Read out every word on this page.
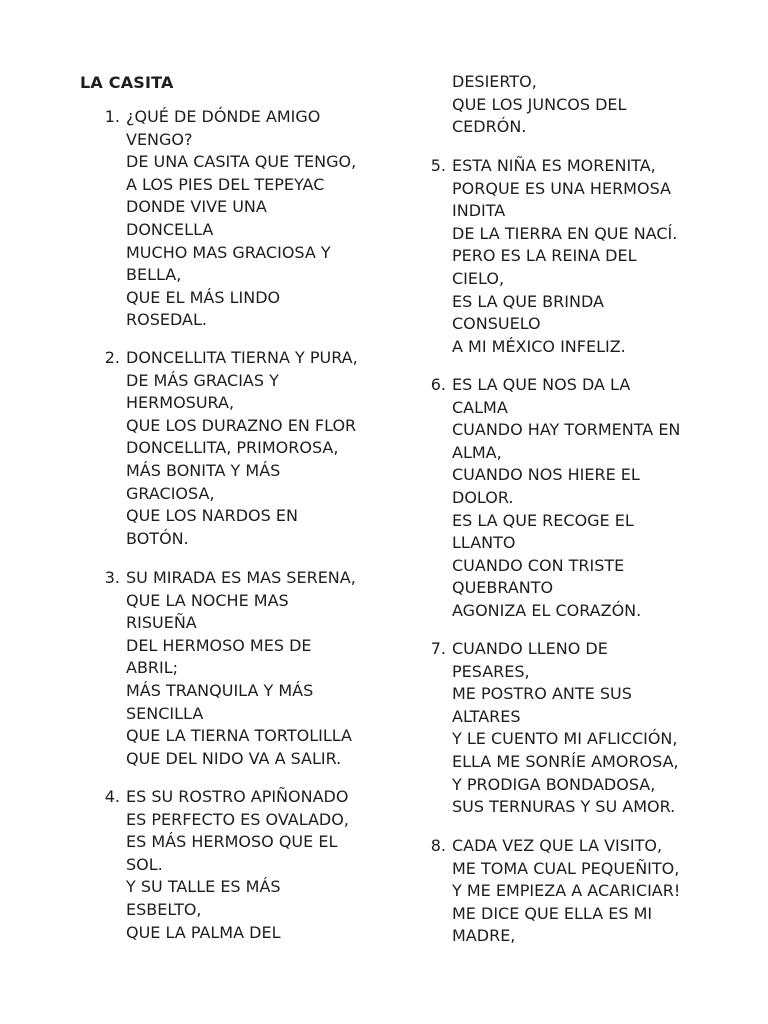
LA CASITA
1. ¿QUÉ DE DÓNDE AMIGO
VENGO?
DE UNA CASITA QUE TENGO,
A LOS PIES DEL TEPEYAC
DONDE VIVE UNA
DONCELLA
MUCHO MAS GRACIOSA Y
BELLA,
QUE EL MÁS LINDO
ROSEDAL.
2. DONCELLITA TIERNA Y PURA,
DE MÁS GRACIAS Y
HERMOSURA,
QUE LOS DURAZNO EN FLOR
DONCELLITA, PRIMOROSA,
MÁS BONITA Y MÁS
GRACIOSA,
QUE LOS NARDOS EN
BOTÓN.
3. SU MIRADA ES MAS SERENA,
QUE LA NOCHE MAS
RISUEÑA
DEL HERMOSO MES DE
ABRIL;
MÁS TRANQUILA Y MÁS
SENCILLA
QUE LA TIERNA TORTOLILLA
QUE DEL NIDO VA A SALIR.
4. ES SU ROSTRO APIÑONADO
ES PERFECTO ES OVALADO,
ES MÁS HERMOSO QUE EL
SOL.
Y SU TALLE ES MÁS
ESBELTO,
QUE LA PALMA DEL
DESIERTO,
QUE LOS JUNCOS DEL
CEDRÓN.
5. ESTA NIÑA ES MORENITA,
PORQUE ES UNA HERMOSA
INDITA
DE LA TIERRA EN QUE NACÍ.
PERO ES LA REINA DEL
CIELO,
ES LA QUE BRINDA
CONSUELO
A MI MÉXICO INFELIZ.
6. ES LA QUE NOS DA LA
CALMA
CUANDO HAY TORMENTA EN
ALMA,
CUANDO NOS HIERE EL
DOLOR.
ES LA QUE RECOGE EL
LLANTO
CUANDO CON TRISTE
QUEBRANTO
AGONIZA EL CORAZÓN.
7. CUANDO LLENO DE
PESARES,
ME POSTRO ANTE SUS
ALTARES
Y LE CUENTO MI AFLICCIÓN,
ELLA ME SONRÍE AMOROSA,
Y PRODIGA BONDADOSA,
SUS TERNURAS Y SU AMOR.
8. CADA VEZ QUE LA VISITO,
ME TOMA CUAL PEQUEÑITO,
Y ME EMPIEZA A ACARICIAR!
ME DICE QUE ELLA ES MI
MADRE,
